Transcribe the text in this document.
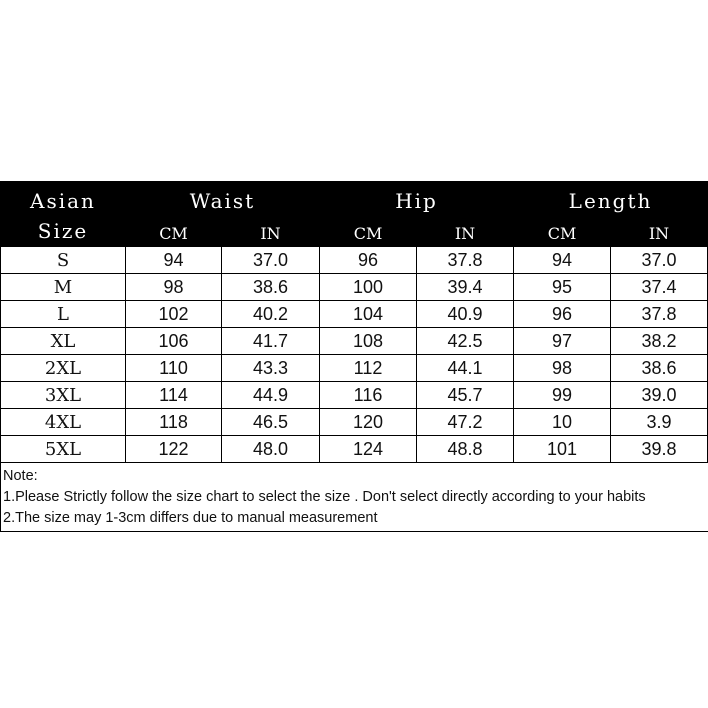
Asian
Size	Waist		Hip		Length	
	CM	IN	CM	IN	CM	IN
S	94	37.0	96	37.8	94	37.0
M	98	38.6	100	39.4	95	37.4
L	102	40.2	104	40.9	96	37.8
XL	106	41.7	108	42.5	97	38.2
2XL	110	43.3	112	44.1	98	38.6
3XL	114	44.9	116	45.7	99	39.0
4XL	118	46.5	120	47.2	10	3.9
5XL	122	48.0	124	48.8	101	39.8
Note:
1.Please Strictly follow the size chart to select the size . Don't select directly according to your habits
2.The size may 1-3cm differs due to manual measurement
